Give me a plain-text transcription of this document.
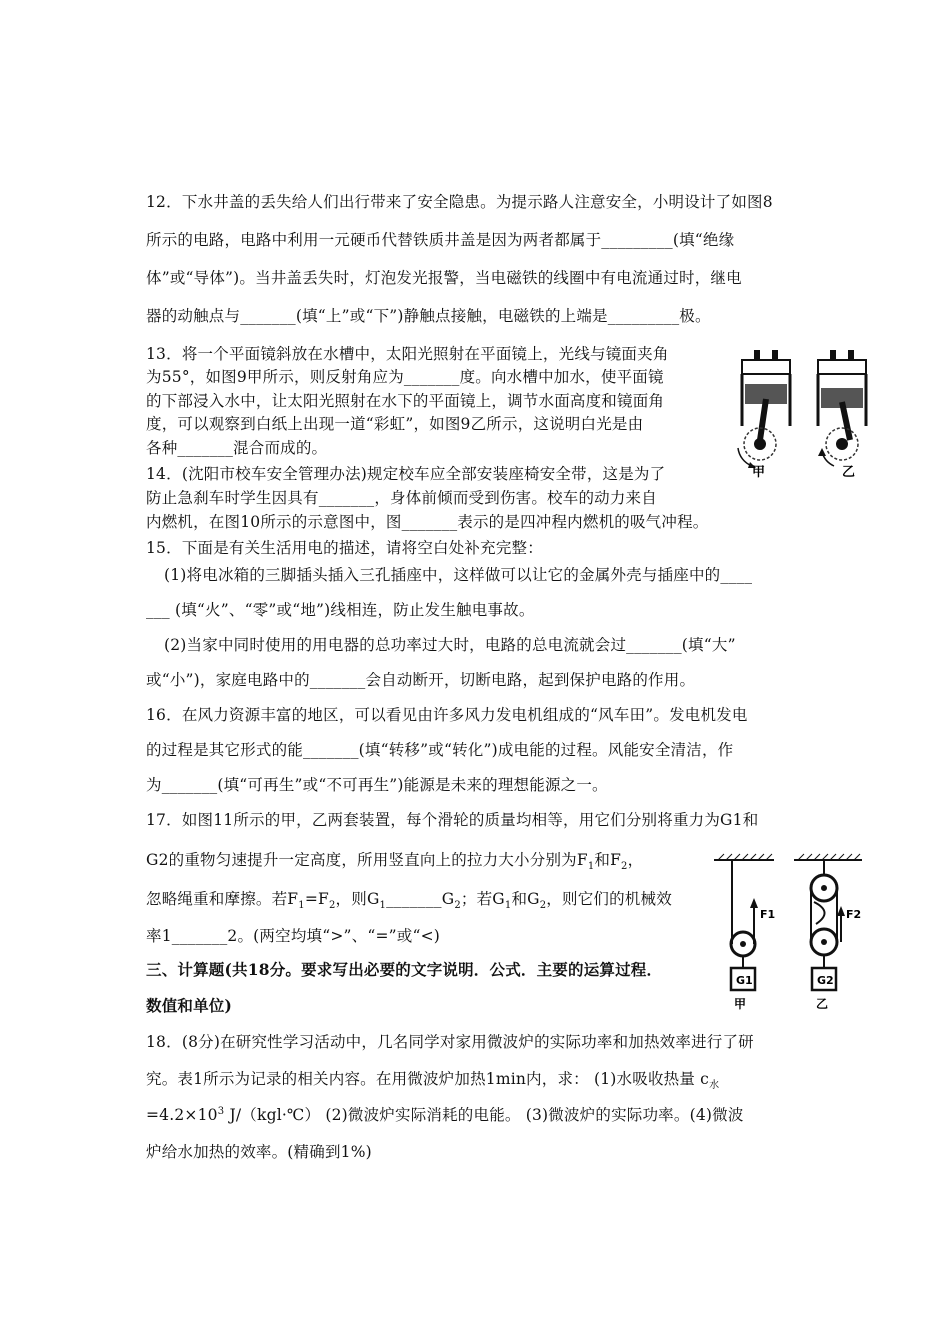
12．下水井盖的丢失给人们出行带来了安全隐患。为提示路人注意安全，小明设计了如图8
所示的电路，电路中利用一元硬币代替铁质井盖是因为两者都属于_________(填“绝缘
体”或“导体”)。当井盖丢失时，灯泡发光报警，当电磁铁的线圈中有电流通过时，继电
器的动触点与_______(填“上”或“下”)静触点接触，电磁铁的上端是_________极。
13．将一个平面镜斜放在水槽中，太阳光照射在平面镜上，光线与镜面夹角
为55°，如图9甲所示，则反射角应为_______度。向水槽中加水，使平面镜
的下部浸入水中，让太阳光照射在水下的平面镜上，调节水面高度和镜面角
度，可以观察到白纸上出现一道“彩虹”，如图9乙所示，这说明白光是由
各种_______混合而成的。
14．(沈阳市校车安全管理办法)规定校车应全部安装座椅安全带，这是为了
防止急刹车时学生因具有_______，身体前倾而受到伤害。校车的动力来自
内燃机，在图10所示的示意图中，图_______表示的是四冲程内燃机的吸气冲程。
15．下面是有关生活用电的描述，请将空白处补充完整：
(1)将电冰箱的三脚插头插入三孔插座中，这样做可以让它的金属外壳与插座中的____
___ (填“火”、“零”或“地”)线相连，防止发生触电事故。
(2)当家中同时使用的用电器的总功率过大时，电路的总电流就会过_______(填“大”
或“小”)，家庭电路中的_______会自动断开，切断电路，起到保护电路的作用。
16．在风力资源丰富的地区，可以看见由许多风力发电机组成的“风车田”。发电机发电
的过程是其它形式的能_______(填“转移”或“转化”)成电能的过程。风能安全清洁，作
为_______(填“可再生”或“不可再生”)能源是未来的理想能源之一。
17．如图11所示的甲，乙两套装置，每个滑轮的质量均相等，用它们分别将重力为G1和
G2的重物匀速提升一定高度，所用竖直向上的拉力大小分别为$F_1$和$F_2$，
忽略绳重和摩擦。若$F_1=F_2$，则$G_1\_\_\_\_\_\_\_G_2$；若$G_1$和$G_2$，则它们的机械效
率1_______2。(两空均填“>”、“=”或“<)
三、计算题(共18分。要求写出必要的文字说明．公式．主要的运算过程．
数值和单位)
18．(8分)在研究性学习活动中，几名同学对家用微波炉的实际功率和加热效率进行了研
究。表1所示为记录的相关内容。在用微波炉加热1min内，求： (1)水吸收热量 $c_水$
$=4.2\times 10^3$ J/（kgl·℃） (2)微波炉实际消耗的电能。 (3)微波炉的实际功率。(4)微波
炉给水加热的效率。(精确到1%)
甲	乙
F1
G1
甲
F2
G2
乙
